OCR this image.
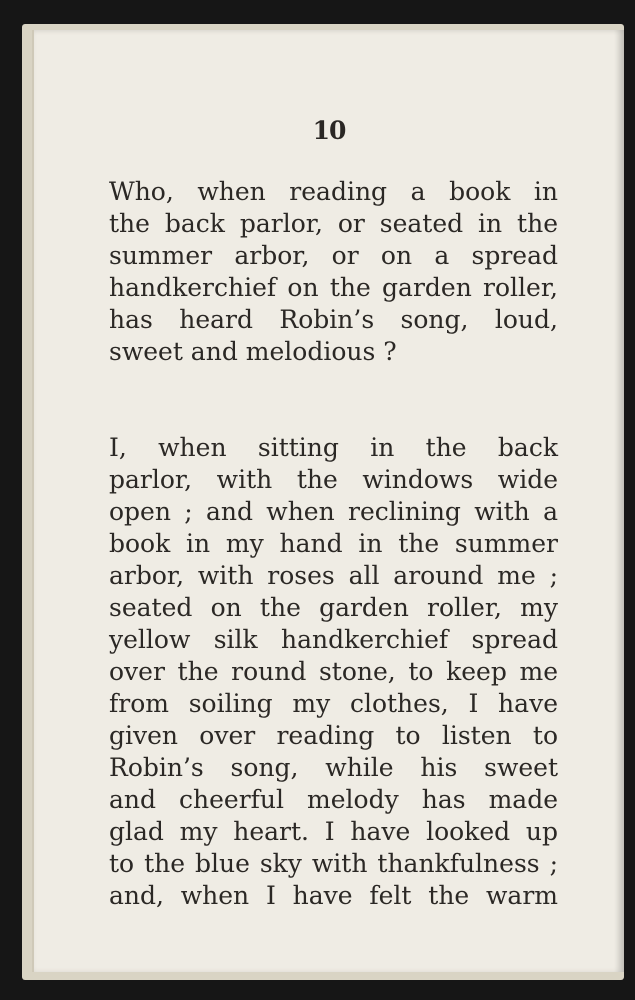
10
Who, when reading a book in
the back parlor, or seated in the
summer arbor, or on a spread
handkerchief on the garden roller,
has heard Robin’s song, loud,
sweet and melodious ?
I, when sitting in the back
parlor, with the windows wide
open ; and when reclining with a
book in my hand in the summer
arbor, with roses all around me ;
seated on the garden roller, my
yellow silk handkerchief spread
over the round stone, to keep me
from soiling my clothes, I have
given over reading to listen to
Robin’s song, while his sweet
and cheerful melody has made
glad my heart. I have looked up
to the blue sky with thankfulness ;
and, when I have felt the warm
